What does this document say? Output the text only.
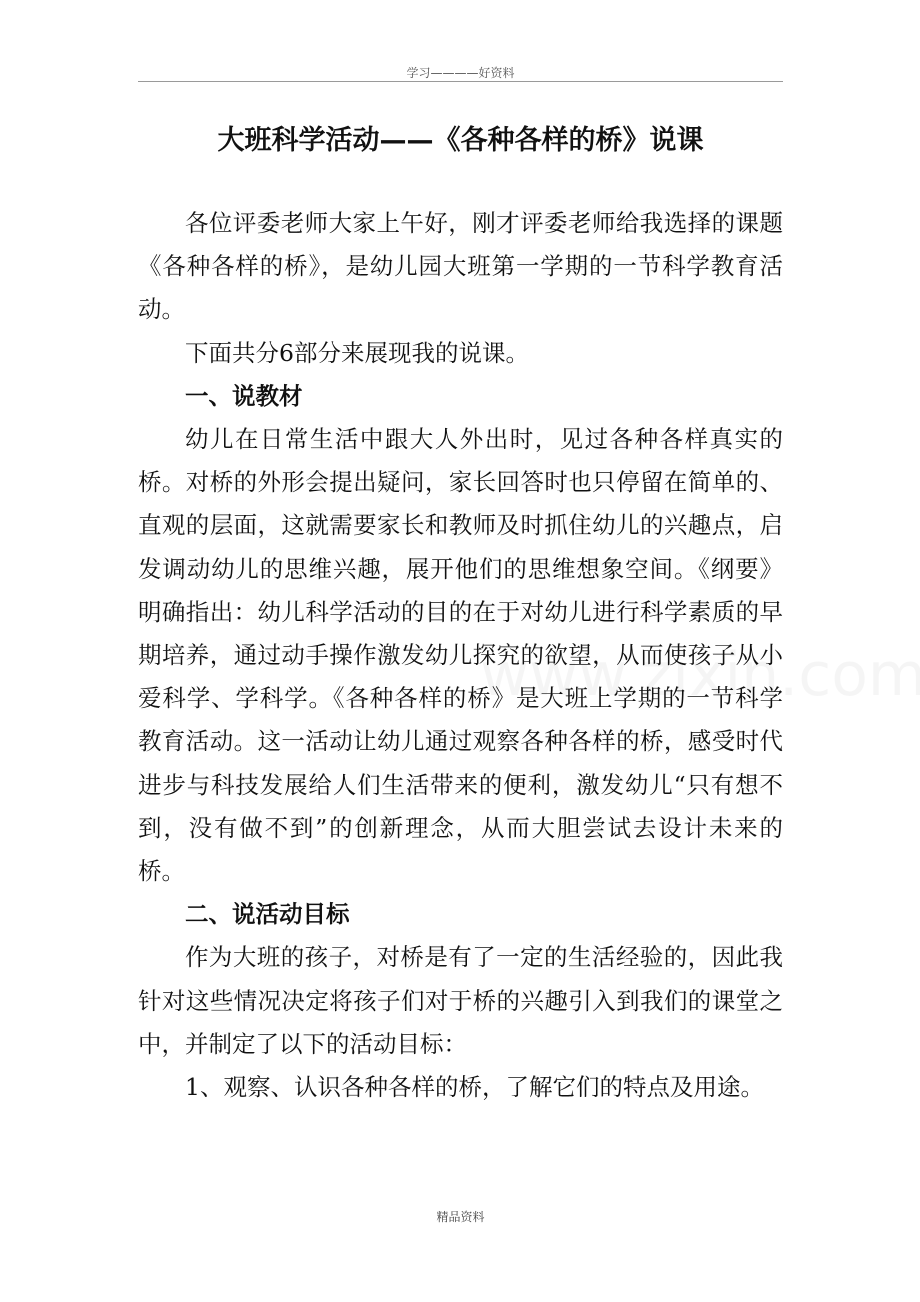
学习————好资料
大班科学活动——《各种各样的桥》说课

各位评委老师大家上午好，刚才评委老师给我选择的课题《各种各样的桥》，是幼儿园大班第一学期的一节科学教育活动。

下面共分6部分来展现我的说课。

一、说教材

幼儿在日常生活中跟大人外出时，见过各种各样真实的桥。对桥的外形会提出疑问，家长回答时也只停留在简单的、直观的层面，这就需要家长和教师及时抓住幼儿的兴趣点，启发调动幼儿的思维兴趣，展开他们的思维想象空间。《纲要》明确指出：幼儿科学活动的目的在于对幼儿进行科学素质的早期培养，通过动手操作激发幼儿探究的欲望，从而使孩子从小爱科学、学科学。《各种各样的桥》是大班上学期的一节科学教育活动。这一活动让幼儿通过观察各种各样的桥，感受时代进步与科技发展给人们生活带来的便利，激发幼儿“只有想不到，没有做不到”的创新理念，从而大胆尝试去设计未来的桥。

二、说活动目标

作为大班的孩子，对桥是有了一定的生活经验的，因此我针对这些情况决定将孩子们对于桥的兴趣引入到我们的课堂之中，并制定了以下的活动目标：

1、观察、认识各种各样的桥，了解它们的特点及用途。

精品资料
